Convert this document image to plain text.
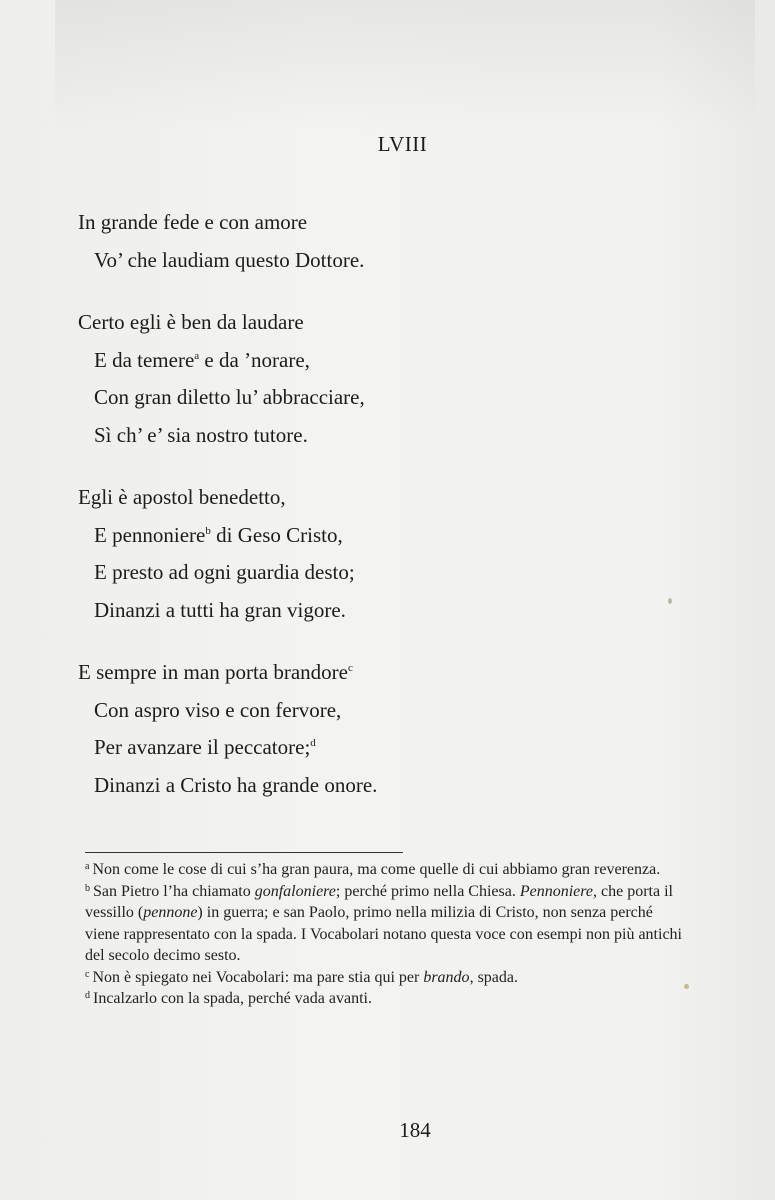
LVIII
In grande fede e con amore
Vo’ che laudiam questo Dottore.
Certo egli è ben da laudare
E da temere$^a$ e da ’norare,
Con gran diletto lu’ abbracciare,
Sì ch’ e’ sia nostro tutore.
Egli è apostol benedetto,
E pennoniere$^b$ di Geso Cristo,
E presto ad ogni guardia desto;
Dinanzi a tutti ha gran vigore.
E sempre in man porta brandore$^c$
Con aspro viso e con fervore,
Per avanzare il peccatore;$^d$
Dinanzi a Cristo ha grande onore.

$^a$ Non come le cose di cui s’ha gran paura, ma come quelle di cui abbiamo gran reverenza.

$^b$ San Pietro l’ha chiamato gonfaloniere; perché primo nella Chiesa. Pennoniere, che porta il vessillo (pennone) in guerra; e san Paolo, primo nella milizia di Cristo, non senza perché viene rappresentato con la spada. I Vocabolari notano questa voce con esempi non più antichi del secolo decimo sesto.

$^c$ Non è spiegato nei Vocabolari: ma pare stia qui per brando, spada.

$^d$ Incalzarlo con la spada, perché vada avanti.

184
